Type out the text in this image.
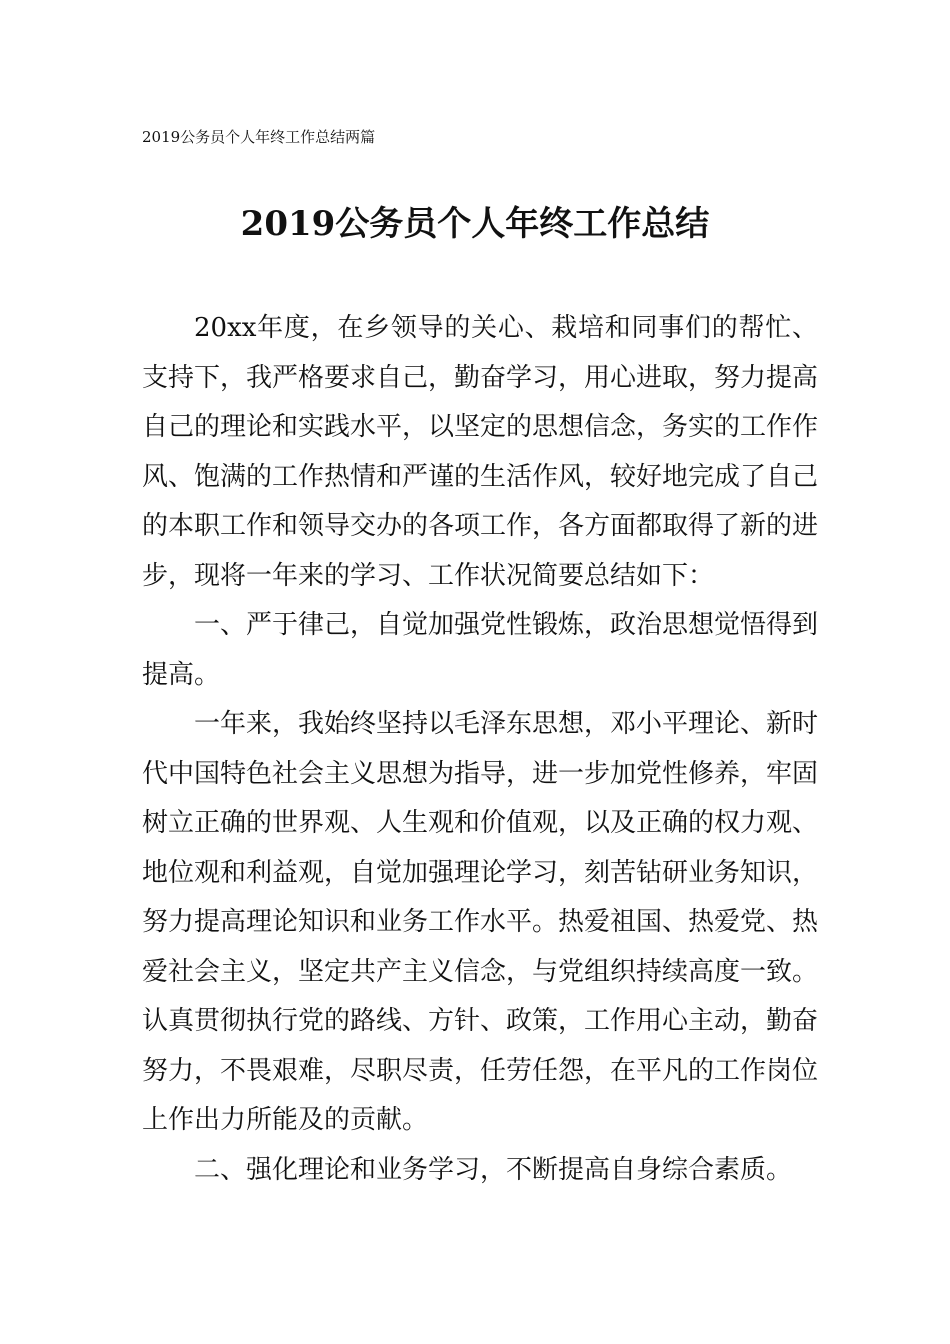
2019公务员个人年终工作总结两篇
2019公务员个人年终工作总结

20xx年度，在乡领导的关心、栽培和同事们的帮忙、支持下，我严格要求自己，勤奋学习，用心进取，努力提高自己的理论和实践水平，以坚定的思想信念，务实的工作作风、饱满的工作热情和严谨的生活作风，较好地完成了自己的本职工作和领导交办的各项工作，各方面都取得了新的进步，现将一年来的学习、工作状况简要总结如下：

一、严于律己，自觉加强党性锻炼，政治思想觉悟得到提高。

一年来，我始终坚持以毛泽东思想，邓小平理论、新时代中国特色社会主义思想为指导，进一步加党性修养，牢固树立正确的世界观、人生观和价值观，以及正确的权力观、地位观和利益观，自觉加强理论学习，刻苦钻研业务知识，努力提高理论知识和业务工作水平。热爱祖国、热爱党、热爱社会主义，坚定共产主义信念，与党组织持续高度一致。认真贯彻执行党的路线、方针、政策，工作用心主动，勤奋努力，不畏艰难，尽职尽责，任劳任怨，在平凡的工作岗位上作出力所能及的贡献。

二、强化理论和业务学习，不断提高自身综合素质。
